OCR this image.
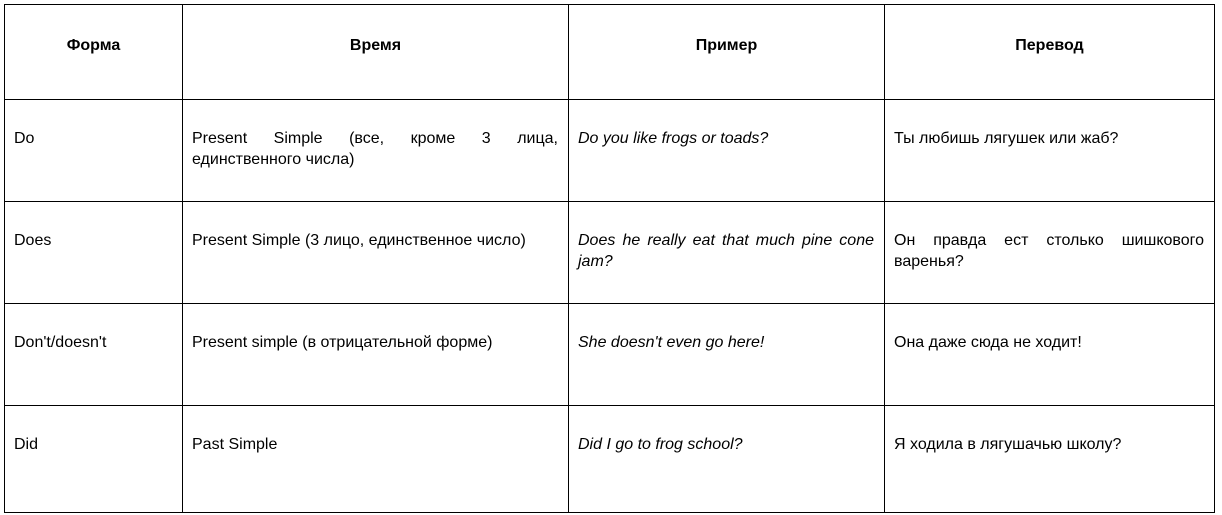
Форма	Время	Пример	Перевод

Do	Present Simple (все, кроме 3 лица, единственного числа)	Do you like frogs or toads?	Ты любишь лягушек или жаб?

Does	Present Simple (3 лицо, единственное число)	Does he really eat that much pine cone jam?	Он правда ест столько шишкового варенья?

Don't/doesn't	Present simple (в отрицательной форме)	She doesn't even go here!	Она даже сюда не ходит!

Did	Past Simple	Did I go to frog school?	Я ходила в лягушачью школу?
